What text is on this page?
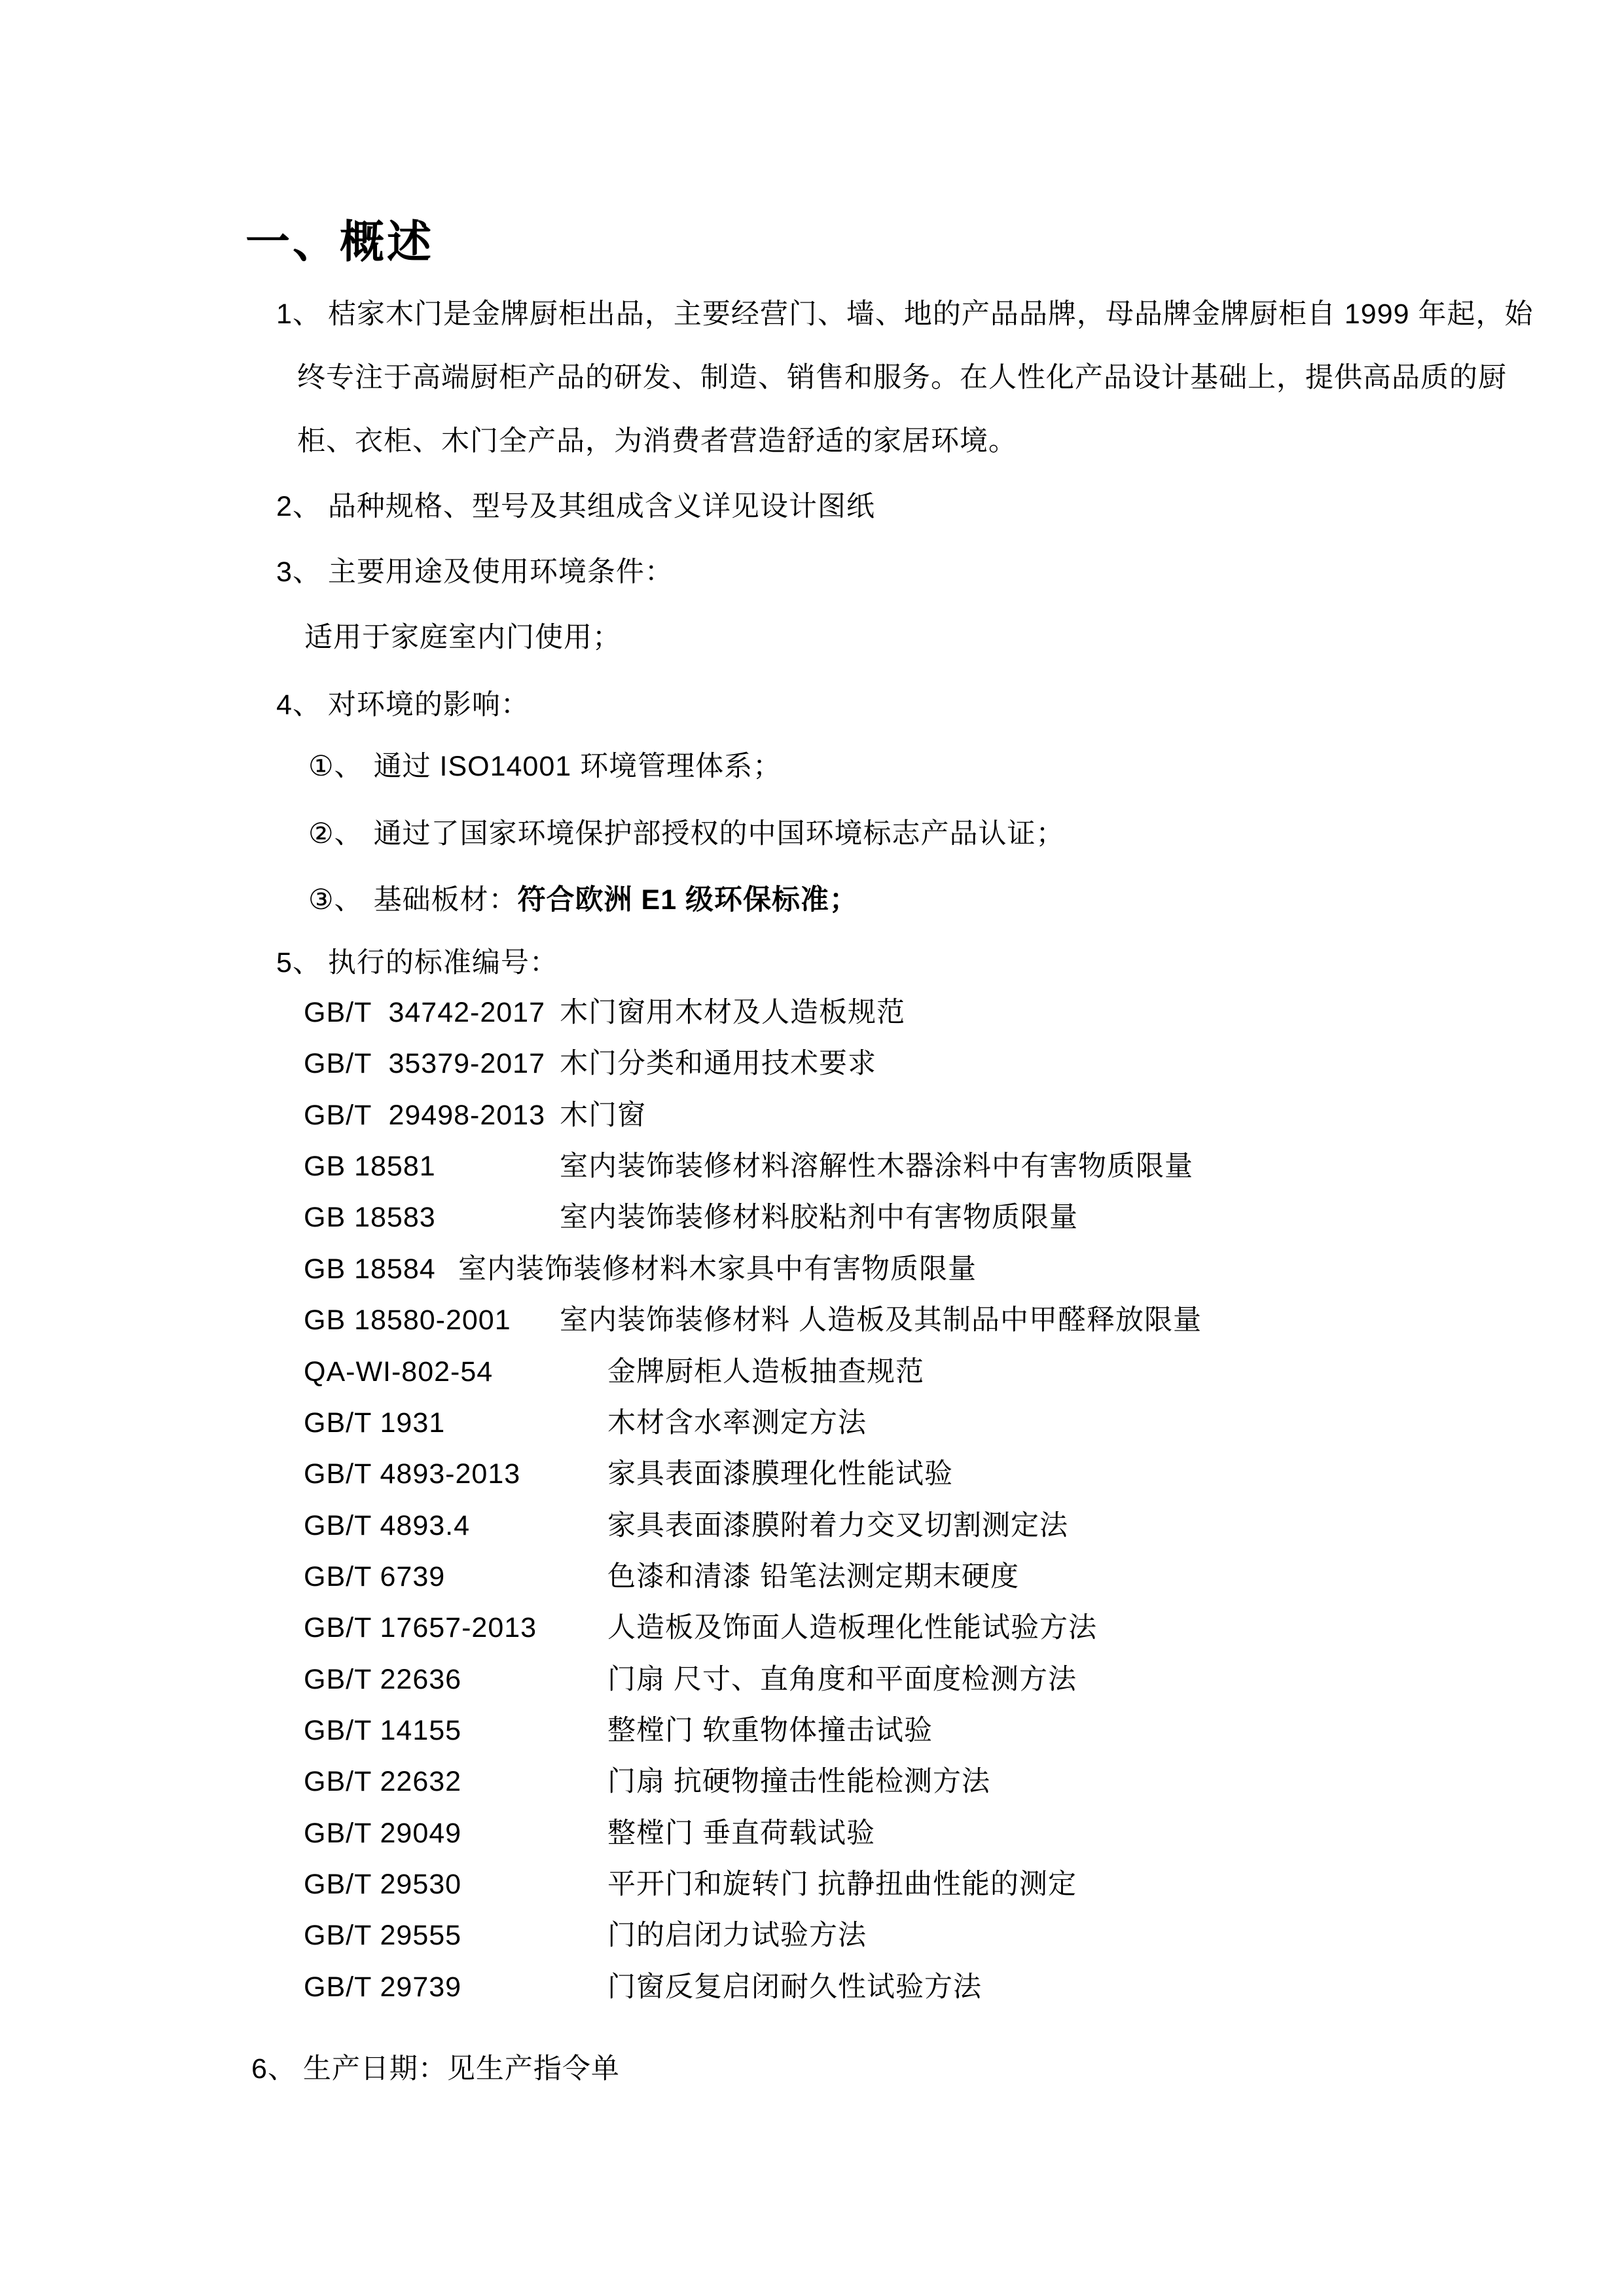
一、概述
1、 桔家木门是金牌厨柜出品，主要经营门、墙、地的产品品牌，母品牌金牌厨柜自 1999 年起，始
终专注于高端厨柜产品的研发、制造、销售和服务。在人性化产品设计基础上，提供高品质的厨
柜、衣柜、木门全产品，为消费者营造舒适的家居环境。
2、 品种规格、型号及其组成含义详见设计图纸
3、 主要用途及使用环境条件：
适用于家庭室内门使用；
4、 对环境的影响：
①、 通过 ISO14001 环境管理体系；
②、 通过了国家环境保护部授权的中国环境标志产品认证；
③、 基础板材：符合欧洲 E1 级环保标准；
5、 执行的标准编号：
GB/T  34742-2017 木门窗用木材及人造板规范
GB/T  35379-2017 木门分类和通用技术要求
GB/T  29498-2013 木门窗
GB 18581	室内装饰装修材料溶解性木器涂料中有害物质限量
GB 18583	室内装饰装修材料胶粘剂中有害物质限量
GB 18584 室内装饰装修材料木家具中有害物质限量
GB 18580-2001 室内装饰装修材料 人造板及其制品中甲醛释放限量
QA-WI-802-54	金牌厨柜人造板抽查规范
GB/T 1931	木材含水率测定方法
GB/T 4893-2013	家具表面漆膜理化性能试验
GB/T 4893.4	家具表面漆膜附着力交叉切割测定法
GB/T 6739	色漆和清漆 铅笔法测定期末硬度
GB/T 17657-2013	人造板及饰面人造板理化性能试验方法
GB/T 22636	门扇 尺寸、直角度和平面度检测方法
GB/T 14155	整樘门 软重物体撞击试验
GB/T 22632	门扇 抗硬物撞击性能检测方法
GB/T 29049	整樘门 垂直荷载试验
GB/T 29530	平开门和旋转门 抗静扭曲性能的测定
GB/T 29555	门的启闭力试验方法
GB/T 29739	门窗反复启闭耐久性试验方法
6、 生产日期：见生产指令单
